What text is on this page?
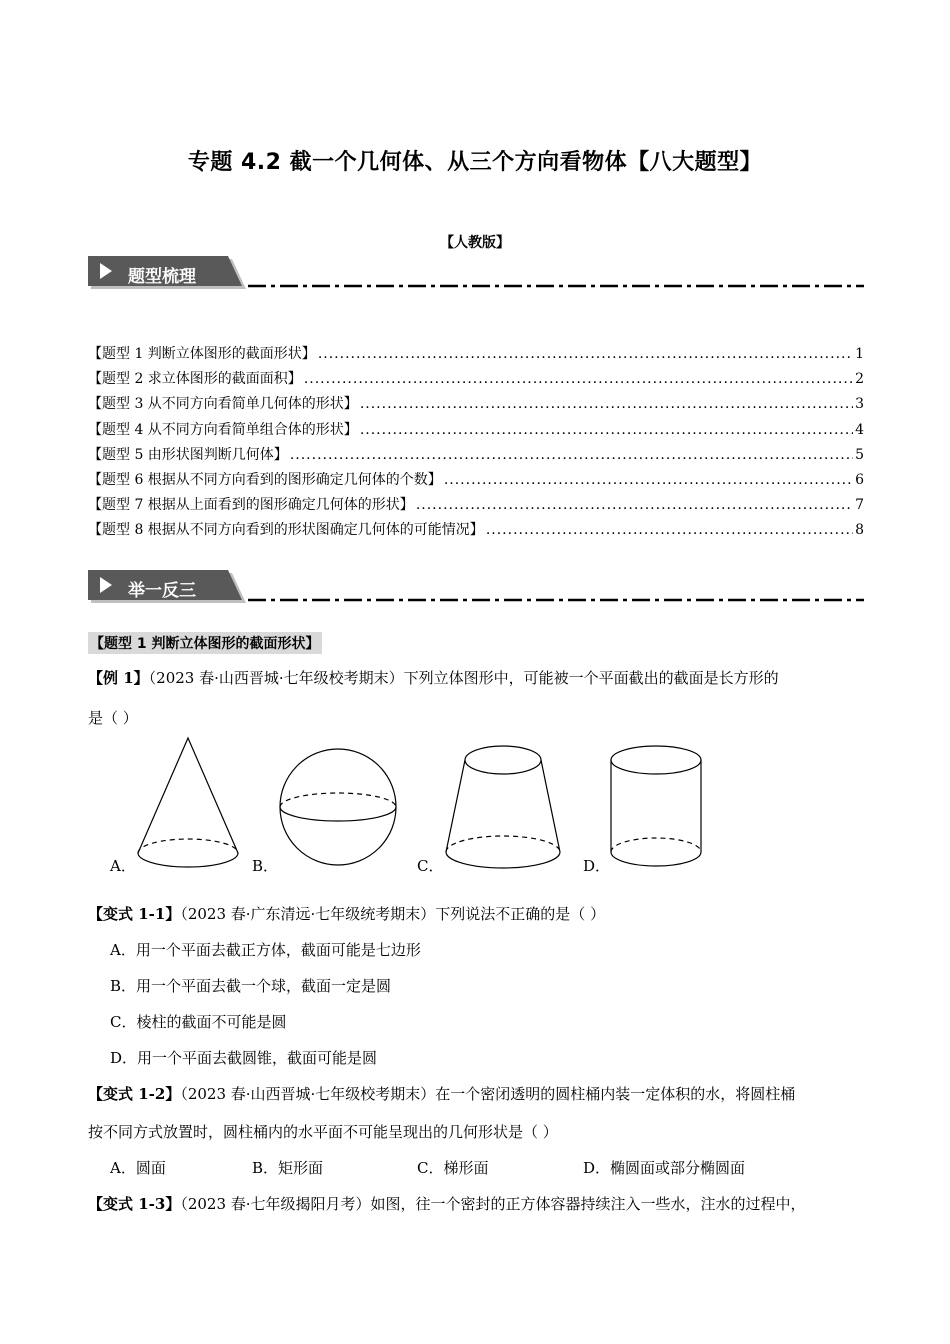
专题 4.2 截一个几何体、从三个方向看物体【八大题型】
【人教版】
题型梳理
【题型 1 判断立体图形的截面形状】 .....	1
【题型 2 求立体图形的截面面积】 .....	2
【题型 3 从不同方向看简单几何体的形状】 .....	3
【题型 4 从不同方向看简单组合体的形状】 .....	4
【题型 5 由形状图判断几何体】 .....	5
【题型 6 根据从不同方向看到的图形确定几何体的个数】 .....	6
【题型 7 根据从上面看到的图形确定几何体的形状】 .....	7
【题型 8 根据从不同方向看到的形状图确定几何体的可能情况】 .....	8
举一反三
【题型 1 判断立体图形的截面形状】
【例 1】（2023 春·山西晋城·七年级校考期末）下列立体图形中，可能被一个平面截出的截面是长方形的
是（ ）
A．	B．	C．	D．
【变式 1-1】（2023 春·广东清远·七年级统考期末）下列说法不正确的是（ ）
A．用一个平面去截正方体，截面可能是七边形
B．用一个平面去截一个球，截面一定是圆
C．棱柱的截面不可能是圆
D．用一个平面去截圆锥，截面可能是圆
【变式 1-2】（2023 春·山西晋城·七年级校考期末）在一个密闭透明的圆柱桶内装一定体积的水，将圆柱桶
按不同方式放置时，圆柱桶内的水平面不可能呈现出的几何形状是（ ）
A．圆面	B．矩形面	C．梯形面	D．椭圆面或部分椭圆面
【变式 1-3】（2023 春·七年级揭阳月考）如图，往一个密封的正方体容器持续注入一些水，注水的过程中，
